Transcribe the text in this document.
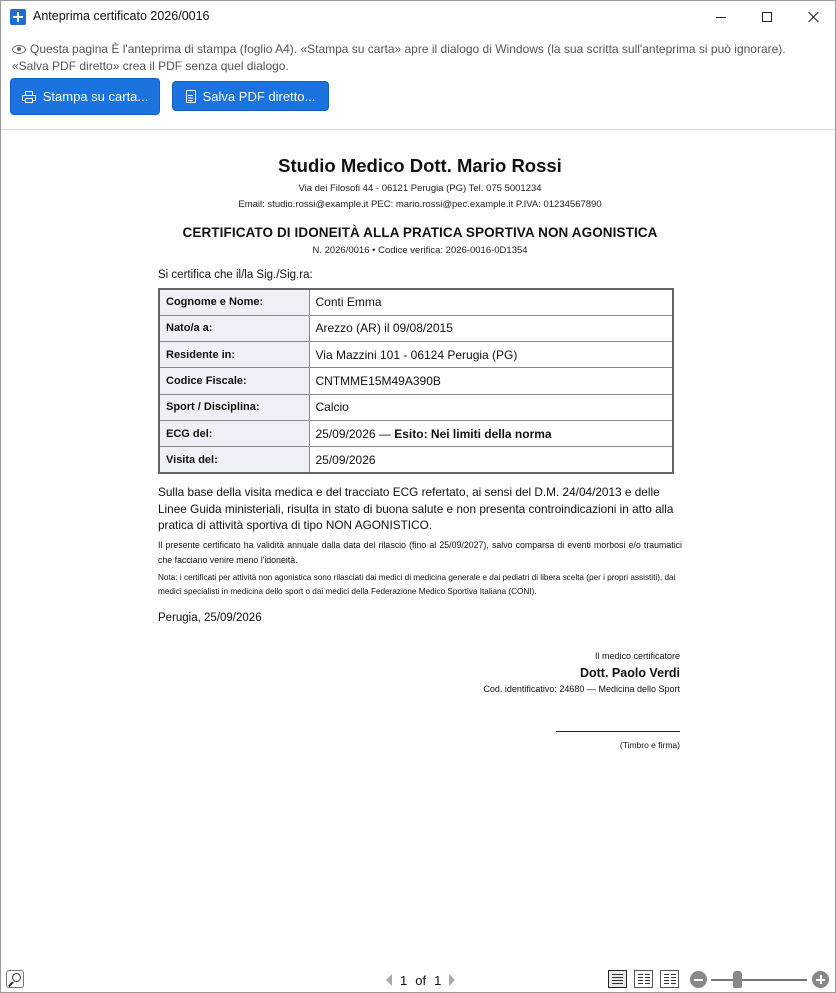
Anteprima certificato 2026/0016
Questa pagina È l'anteprima di stampa (foglio A4). «Stampa su carta» apre il dialogo di Windows (la sua scritta sull'anteprima si può ignorare). «Salva PDF diretto» crea il PDF senza quel dialogo.
Stampa su carta...	Salva PDF diretto...
Studio Medico Dott. Mario Rossi
Via dei Filosofi 44 - 06121 Perugia (PG) Tel. 075 5001234
Email: studio.rossi@example.it PEC: mario.rossi@pec.example.it P.IVA: 01234567890
CERTIFICATO DI IDONEITÀ ALLA PRATICA SPORTIVA NON AGONISTICA
N. 2026/0016 • Codice verifica: 2026-0016-0D1354
Si certifica che il/la Sig./Sig.ra:
Cognome e Nome:	Conti Emma
Nato/a a:	Arezzo (AR) il 09/08/2015
Residente in:	Via Mazzini 101 - 06124 Perugia (PG)
Codice Fiscale:	CNTMME15M49A390B
Sport / Disciplina:	Calcio
ECG del:	25/09/2026 — Esito: Nei limiti della norma
Visita del:	25/09/2026
Sulla base della visita medica e del tracciato ECG refertato, ai sensi del D.M. 24/04/2013 e delle Linee Guida ministeriali, risulta in stato di buona salute e non presenta controindicazioni in atto alla pratica di attività sportiva di tipo NON AGONISTICO.
Il presente certificato ha validità annuale dalla data del rilascio (fino al 25/09/2027), salvo comparsa di eventi morbosi e/o traumatici che facciano venire meno l'idoneità.
Nota: i certificati per attività non agonistica sono rilasciati dai medici di medicina generale e dai pediatri di libera scelta (per i propri assistiti), dai medici specialisti in medicina dello sport o dai medici della Federazione Medico Sportiva Italiana (CONI).
Perugia, 25/09/2026
Il medico certificatore
Dott. Paolo Verdi
Cod. identificativo: 24680 — Medicina dello Sport
(Timbro e firma)
1 of 1
